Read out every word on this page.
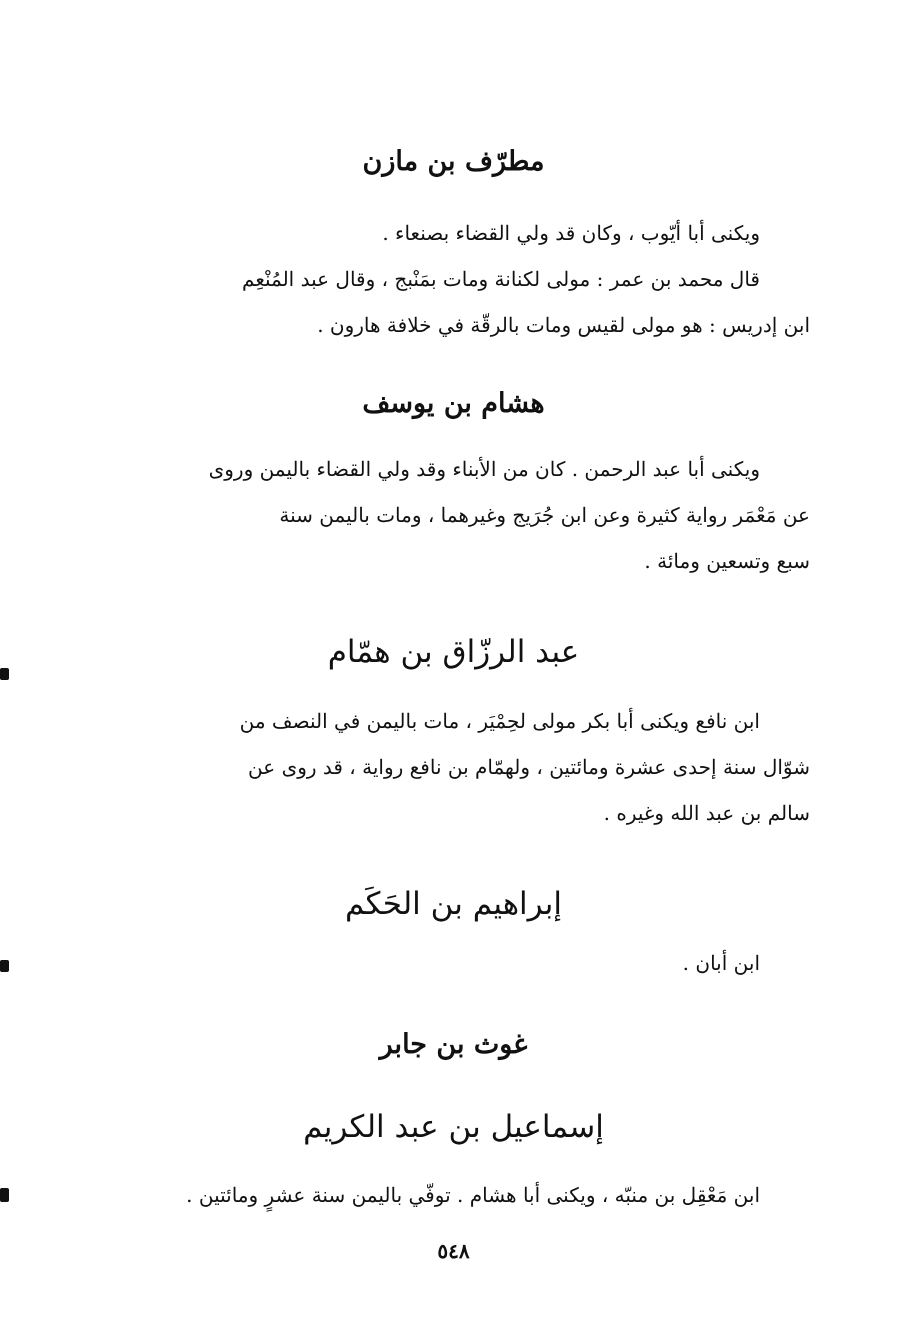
مطرّف بن مازن
ويكنى أبا أيّوب ، وكان قد ولي القضاء بصنعاء .
قال محمد بن عمر : مولى لكنانة ومات بمَنْبج ، وقال عبد المُنْعِم
ابن إدريس : هو مولى لقيس ومات بالرقّة في خلافة هارون .
هشام بن يوسف
ويكنى أبا عبد الرحمن . كان من الأبناء وقد ولي القضاء باليمن وروى
عن مَعْمَر رواية كثيرة وعن ابن جُرَيج وغيرهما ، ومات باليمن سنة
سبع وتسعين ومائة .
عبد الرزّاق بن همّام
ابن نافع ويكنى أبا بكر مولى لحِمْيَر ، مات باليمن في النصف من
شوّال سنة إحدى عشرة ومائتين ، ولهمّام بن نافع رواية ، قد روى عن
سالم بن عبد الله وغيره .
إبراهيم بن الحَكَم
ابن أبان .
غوث بن جابر
إسماعيل بن عبد الكريم
ابن مَعْقِل بن منبّه ، ويكنى أبا هشام . توفّي باليمن سنة عشرٍ ومائتين .
٥٤٨
